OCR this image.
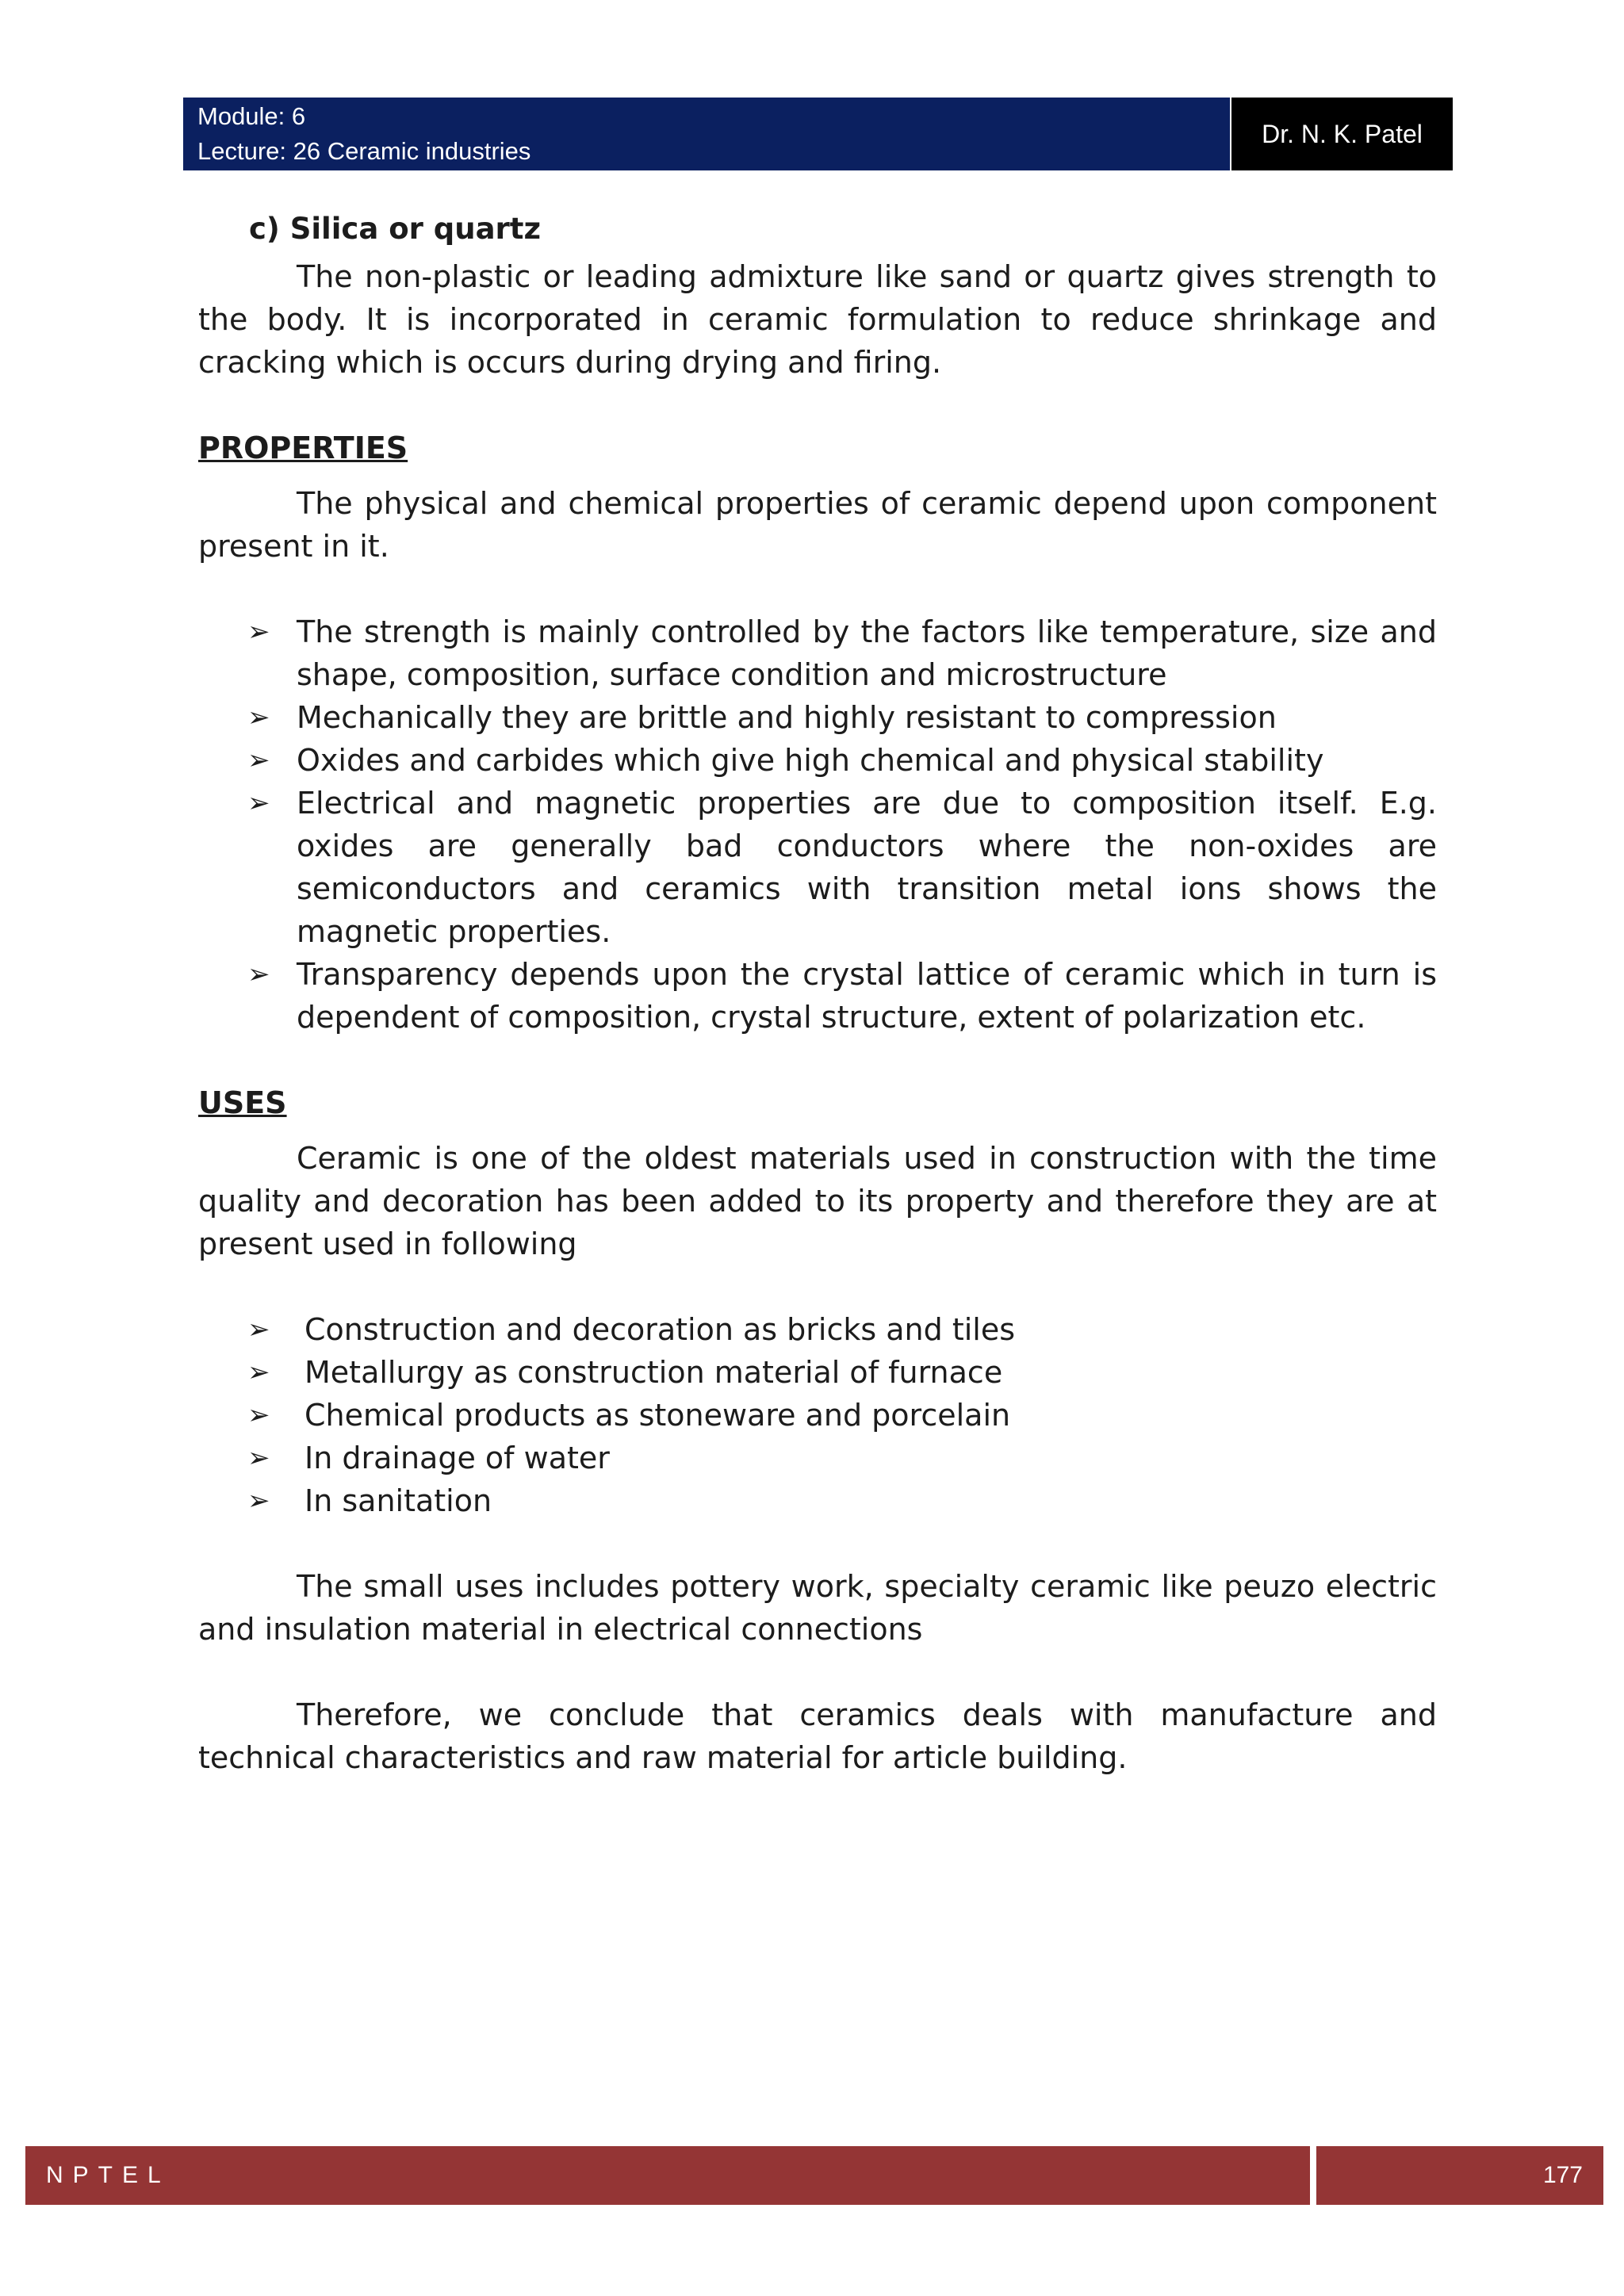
Module: 6
Lecture: 26 Ceramic industries
Dr. N. K. Patel

c) Silica or quartz

The non-plastic or leading admixture like sand or quartz gives strength to the body. It is incorporated in ceramic formulation to reduce shrinkage and cracking which is occurs during drying and firing.

PROPERTIES

The physical and chemical properties of ceramic depend upon component present in it.

➢ The strength is mainly controlled by the factors like temperature, size and shape, composition, surface condition and microstructure
➢ Mechanically they are brittle and highly resistant to compression
➢ Oxides and carbides which give high chemical and physical stability
➢ Electrical and magnetic properties are due to composition itself. E.g. oxides are generally bad conductors where the non-oxides are semiconductors and ceramics with transition metal ions shows the magnetic properties.
➢ Transparency depends upon the crystal lattice of ceramic which in turn is dependent of composition, crystal structure, extent of polarization etc.

USES

Ceramic is one of the oldest materials used in construction with the time quality and decoration has been added to its property and therefore they are at present used in following

➢ Construction and decoration as bricks and tiles
➢ Metallurgy as construction material of furnace
➢ Chemical products as stoneware and porcelain
➢ In drainage of water
➢ In sanitation

The small uses includes pottery work, specialty ceramic like peuzo electric and insulation material in electrical connections

Therefore, we conclude that ceramics deals with manufacture and technical characteristics and raw material for article building.

NPTEL	177
